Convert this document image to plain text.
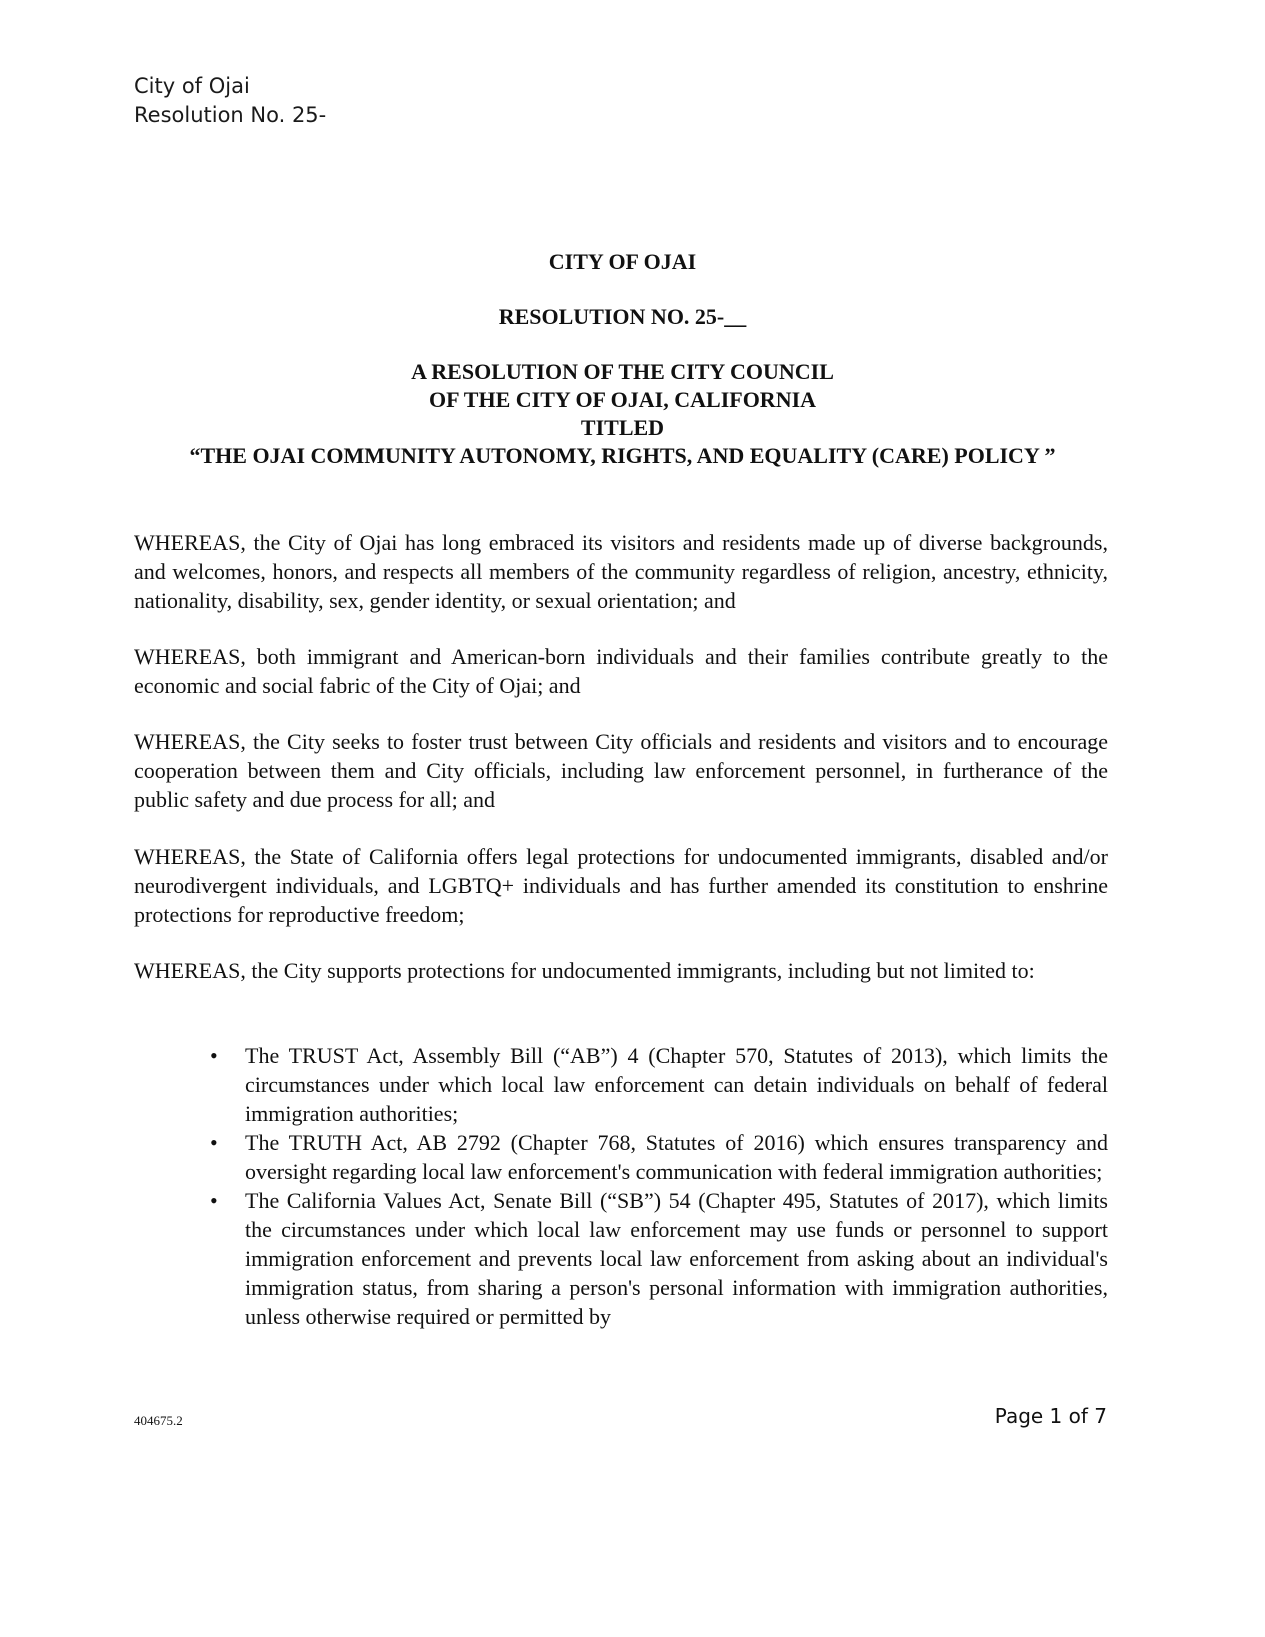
City of Ojai
Resolution No. 25-
CITY OF OJAI
RESOLUTION NO. 25-__
A RESOLUTION OF THE CITY COUNCIL
OF THE CITY OF OJAI, CALIFORNIA
TITLED
“THE OJAI COMMUNITY AUTONOMY, RIGHTS, AND EQUALITY (CARE) POLICY ”
WHEREAS, the City of Ojai has long embraced its visitors and residents made up of diverse backgrounds, and welcomes, honors, and respects all members of the community regardless of religion, ancestry, ethnicity, nationality, disability, sex, gender identity, or sexual orientation; and
WHEREAS, both immigrant and American-born individuals and their families contribute greatly to the economic and social fabric of the City of Ojai; and
WHEREAS, the City seeks to foster trust between City officials and residents and visitors and to encourage cooperation between them and City officials, including law enforcement personnel, in furtherance of the public safety and due process for all; and
WHEREAS, the State of California offers legal protections for undocumented immigrants, disabled and/or neurodivergent individuals, and LGBTQ+ individuals and has further amended its constitution to enshrine protections for reproductive freedom;
WHEREAS, the City supports protections for undocumented immigrants, including but not limited to:
• The TRUST Act, Assembly Bill (“AB”) 4 (Chapter 570, Statutes of 2013), which limits the circumstances under which local law enforcement can detain individuals on behalf of federal immigration authorities;
• The TRUTH Act, AB 2792 (Chapter 768, Statutes of 2016) which ensures transparency and oversight regarding local law enforcement's communication with federal immigration authorities;
• The California Values Act, Senate Bill (“SB”) 54 (Chapter 495, Statutes of 2017), which limits the circumstances under which local law enforcement may use funds or personnel to support immigration enforcement and prevents local law enforcement from asking about an individual's immigration status, from sharing a person's personal information with immigration authorities, unless otherwise required or permitted by
404675.2	Page 1 of 7
